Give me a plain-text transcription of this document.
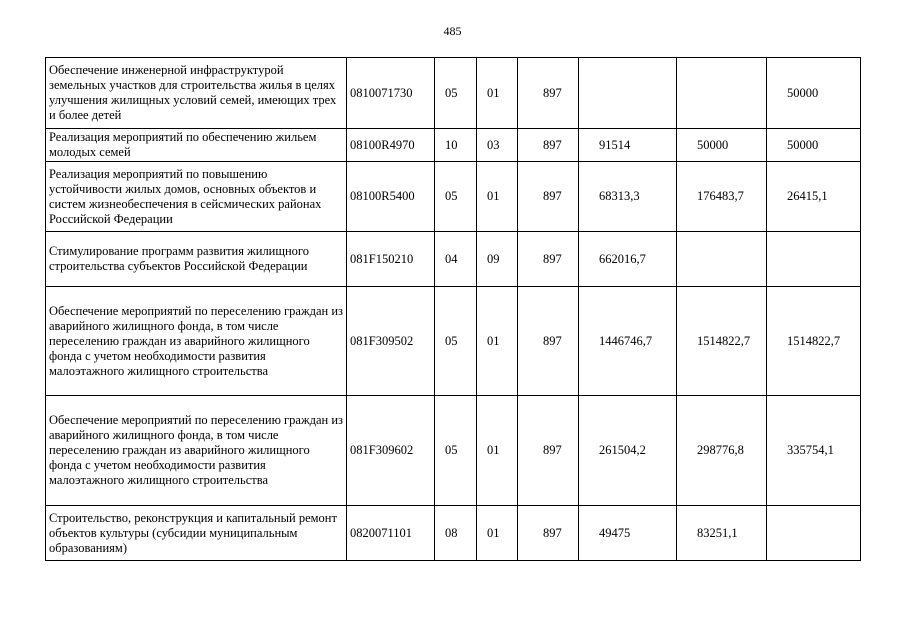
485
Обеспечение инженерной инфраструктурой земельных участков для строительства жилья в целях улучшения жилищных условий семей, имеющих трех и более детей	0810071730	05	01	897			50000
Реализация мероприятий по обеспечению жильем молодых семей	08100R4970	10	03	897	91514	50000	50000
Реализация мероприятий по повышению устойчивости жилых домов, основных объектов и систем жизнеобеспечения в сейсмических районах Российской Федерации	08100R5400	05	01	897	68313,3	176483,7	26415,1
Стимулирование программ развития жилищного строительства субъектов Российской Федерации	081F150210	04	09	897	662016,7		
Обеспечение мероприятий по переселению граждан из аварийного жилищного фонда, в том числе переселению граждан из аварийного жилищного фонда с учетом необходимости развития малоэтажного жилищного строительства	081F309502	05	01	897	1446746,7	1514822,7	1514822,7
Обеспечение мероприятий по переселению граждан из аварийного жилищного фонда, в том числе переселению граждан из аварийного жилищного фонда с учетом необходимости развития малоэтажного жилищного строительства	081F309602	05	01	897	261504,2	298776,8	335754,1
Строительство, реконструкция и капитальный ремонт объектов культуры (субсидии муниципальным образованиям)	0820071101	08	01	897	49475	83251,1	
